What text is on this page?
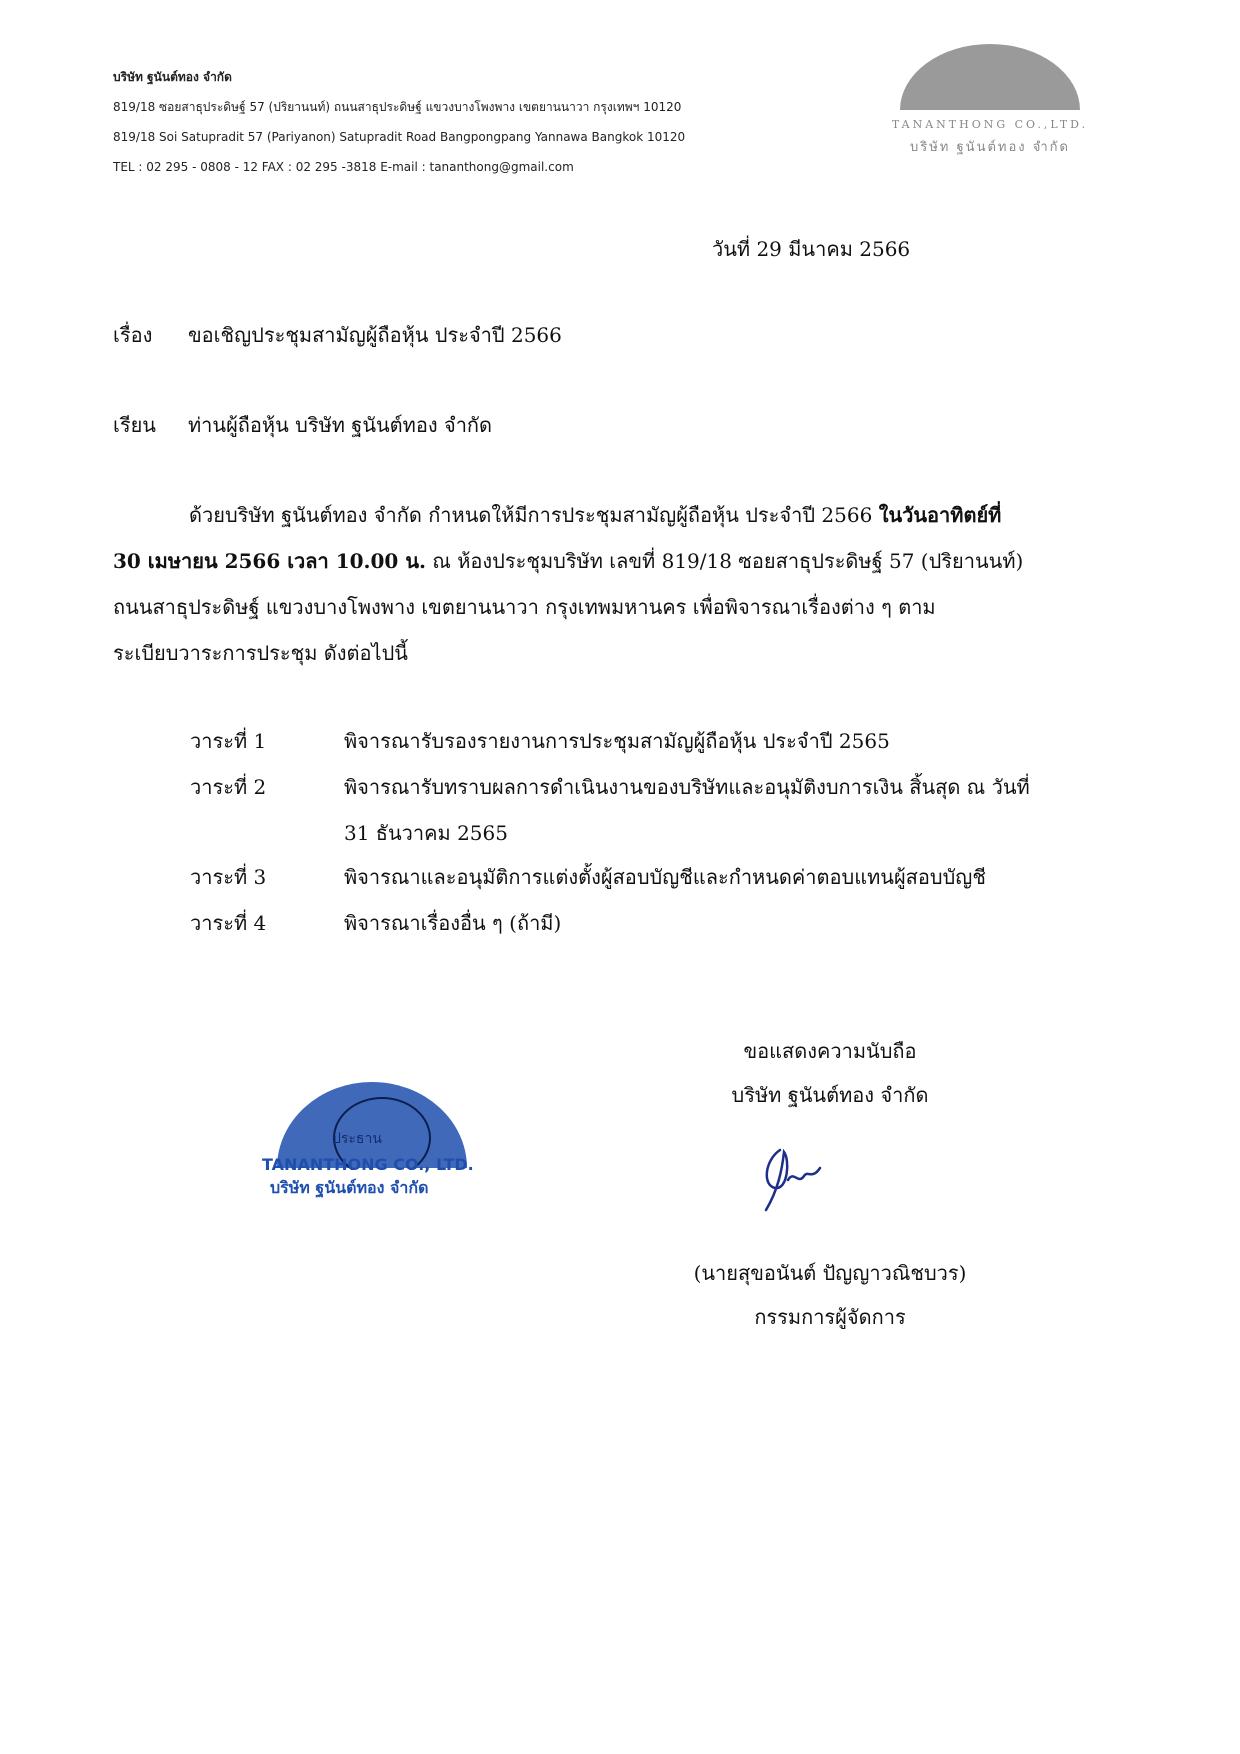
บริษัท ฐนันต์ทอง จำกัด
819/18 ซอยสาธุประดิษฐ์ 57 (ปริยานนท์) ถนนสาธุประดิษฐ์ แขวงบางโพงพาง เขตยานนาวา กรุงเทพฯ 10120
819/18 Soi Satupradit 57 (Pariyanon) Satupradit Road Bangpongpang Yannawa Bangkok 10120
TEL : 02 295 - 0808 - 12 FAX : 02 295 -3818 E-mail : tananthong@gmail.com
TANANTHONG CO.,LTD.
บริษัท ฐนันต์ทอง จำกัด
วันที่ 29 มีนาคม 2566
เรื่อง ขอเชิญประชุมสามัญผู้ถือหุ้น ประจำปี 2566
เรียน ท่านผู้ถือหุ้น บริษัท ฐนันต์ทอง จำกัด
ด้วยบริษัท ฐนันต์ทอง จำกัด กำหนดให้มีการประชุมสามัญผู้ถือหุ้น ประจำปี 2566 ในวันอาทิตย์ที่ 30 เมษายน 2566 เวลา 10.00 น. ณ ห้องประชุมบริษัท เลขที่ 819/18 ซอยสาธุประดิษฐ์ 57 (ปริยานนท์) ถนนสาธุประดิษฐ์ แขวงบางโพงพาง เขตยานนาวา กรุงเทพมหานคร เพื่อพิจารณาเรื่องต่าง ๆ ตามระเบียบวาระการประชุม ดังต่อไปนี้
วาระที่ 1	พิจารณารับรองรายงานการประชุมสามัญผู้ถือหุ้น ประจำปี 2565
วาระที่ 2	พิจารณารับทราบผลการดำเนินงานของบริษัทและอนุมัติงบการเงิน สิ้นสุด ณ วันที่ 31 ธันวาคม 2565
วาระที่ 3	พิจารณาและอนุมัติการแต่งตั้งผู้สอบบัญชีและกำหนดค่าตอบแทนผู้สอบบัญชี
วาระที่ 4	พิจารณาเรื่องอื่น ๆ (ถ้ามี)
ขอแสดงความนับถือ
บริษัท ฐนันต์ทอง จำกัด
ประธาน
TANANTHONG CO., LTD.
บริษัท ฐนันต์ทอง จำกัด
(นายสุขอนันต์ ปัญญาวณิชบวร)
กรรมการผู้จัดการ
